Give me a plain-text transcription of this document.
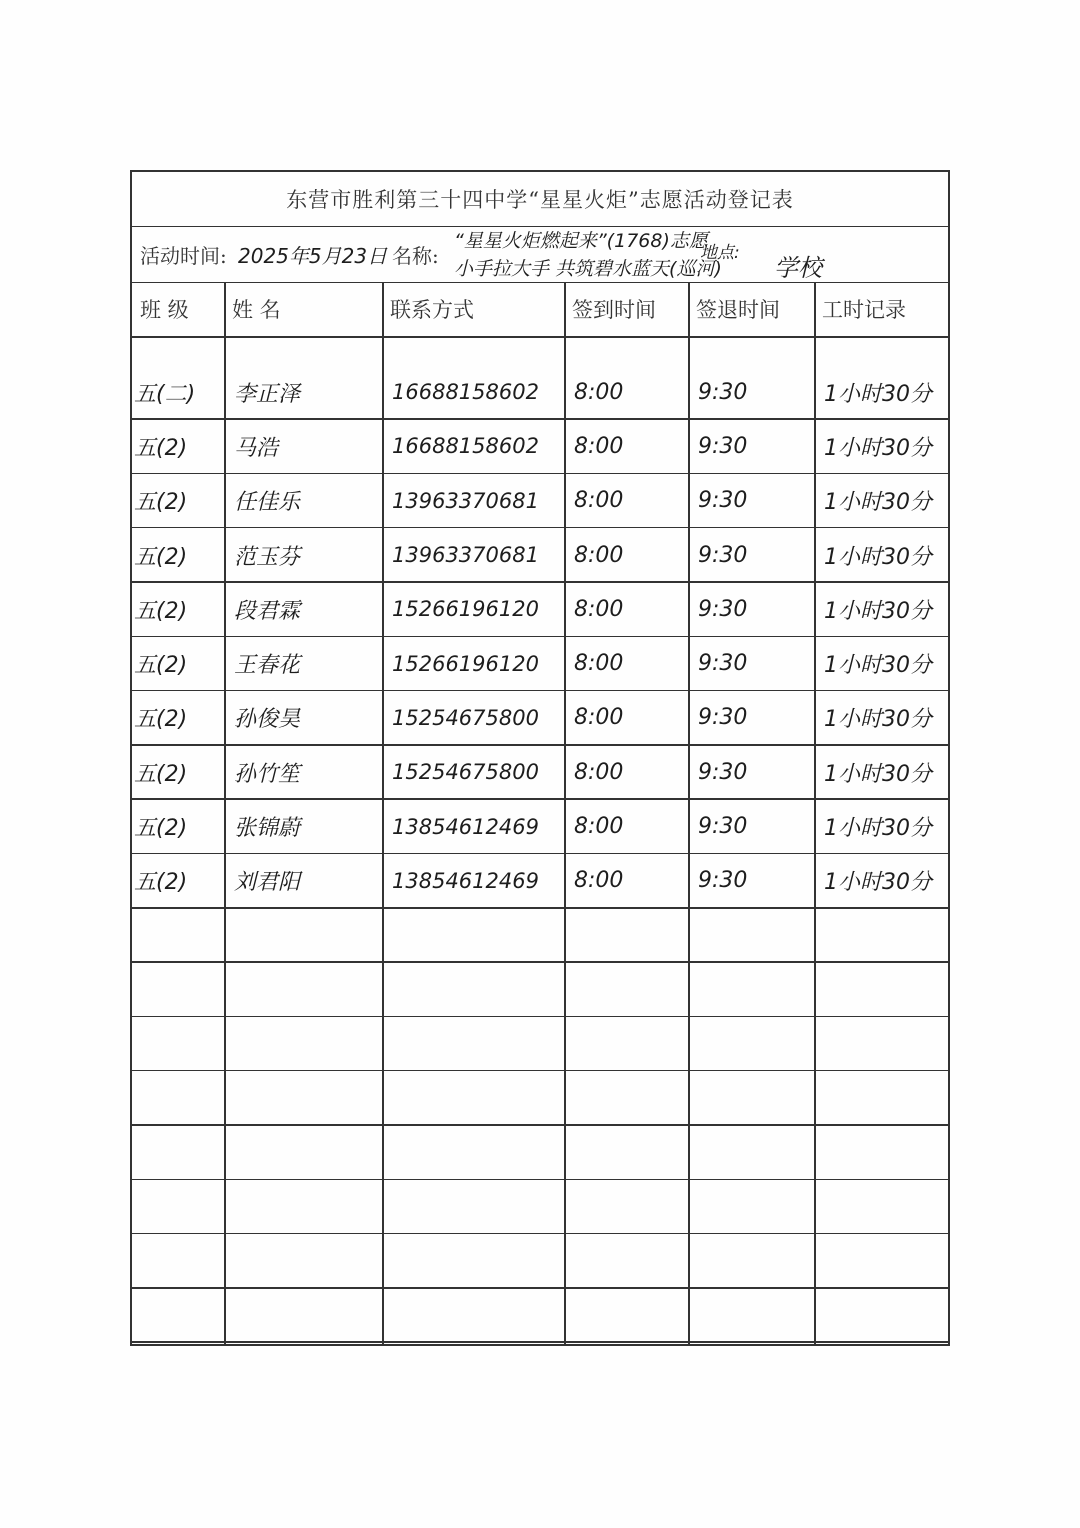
东营市胜利第三十四中学“星星火炬”志愿活动登记表
活动时间: 2025年5月23日 名称:
“星星火炬燃起来”(1768)志愿
小手拉大手 共筑碧水蓝天(巡河)
地点:
学校
班 级	姓 名	联系方式	签到时间	签退时间	工时记录
五(二) 李正泽	16688158602 8:00	9:30	1小时30分
五(2) 马浩	16688158602 8:00	9:30	1小时30分
五(2) 任佳乐	13963370681 8:00	9:30	1小时30分
五(2) 范玉芬	13963370681 8:00	9:30	1小时30分
五(2) 段君霖	15266196120 8:00	9:30	1小时30分
五(2) 王春花	15266196120 8:00	9:30	1小时30分
五(2) 孙俊昊	15254675800 8:00	9:30	1小时30分
五(2) 孙竹笙	15254675800 8:00	9:30	1小时30分
五(2) 张锦蔚	13854612469 8:00	9:30	1小时30分
五(2) 刘君阳	13854612469 8:00	9:30	1小时30分
